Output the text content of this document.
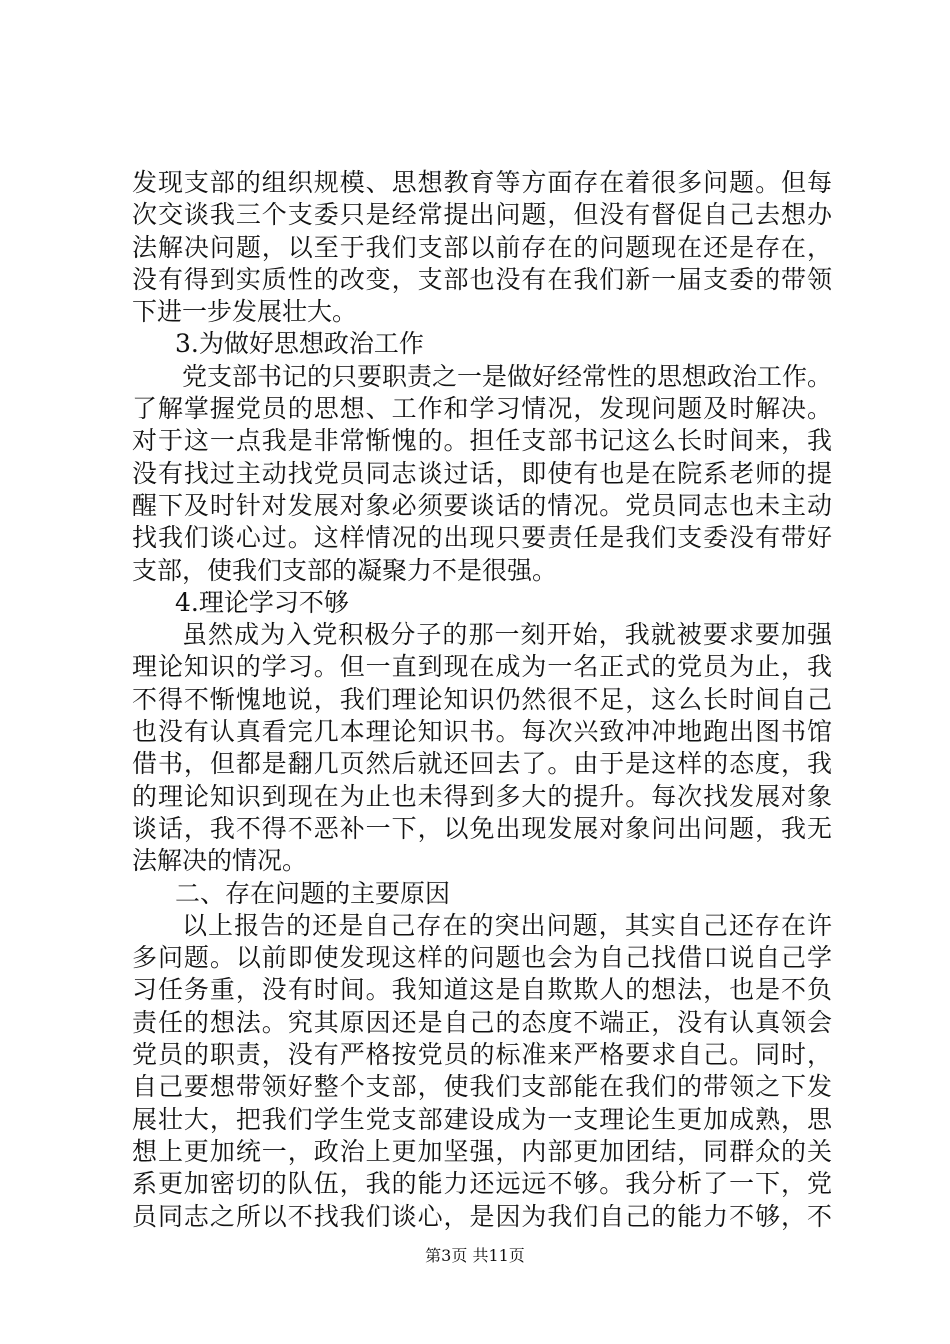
发现支部的组织规模、思想教育等方面存在着很多问题。但每
次交谈我三个支委只是经常提出问题，但没有督促自己去想办
法解决问题，以至于我们支部以前存在的问题现在还是存在，
没有得到实质性的改变，支部也没有在我们新一届支委的带领
下进一步发展壮大。
3.为做好思想政治工作
党支部书记的只要职责之一是做好经常性的思想政治工作。
了解掌握党员的思想、工作和学习情况，发现问题及时解决。
对于这一点我是非常惭愧的。担任支部书记这么长时间来，我
没有找过主动找党员同志谈过话，即使有也是在院系老师的提
醒下及时针对发展对象必须要谈话的情况。党员同志也未主动
找我们谈心过。这样情况的出现只要责任是我们支委没有带好
支部，使我们支部的凝聚力不是很强。
4.理论学习不够
虽然成为入党积极分子的那一刻开始，我就被要求要加强
理论知识的学习。但一直到现在成为一名正式的党员为止，我
不得不惭愧地说，我们理论知识仍然很不足，这么长时间自己
也没有认真看完几本理论知识书。每次兴致冲冲地跑出图书馆
借书，但都是翻几页然后就还回去了。由于是这样的态度，我
的理论知识到现在为止也未得到多大的提升。每次找发展对象
谈话，我不得不恶补一下，以免出现发展对象问出问题，我无
法解决的情况。
二、存在问题的主要原因
以上报告的还是自己存在的突出问题，其实自己还存在许
多问题。以前即使发现这样的问题也会为自己找借口说自己学
习任务重，没有时间。我知道这是自欺欺人的想法，也是不负
责任的想法。究其原因还是自己的态度不端正，没有认真领会
党员的职责，没有严格按党员的标准来严格要求自己。同时，
自己要想带领好整个支部，使我们支部能在我们的带领之下发
展壮大，把我们学生党支部建设成为一支理论生更加成熟，思
想上更加统一，政治上更加坚强，内部更加团结，同群众的关
系更加密切的队伍，我的能力还远远不够。我分析了一下，党
员同志之所以不找我们谈心，是因为我们自己的能力不够，不
第3页 共11页
